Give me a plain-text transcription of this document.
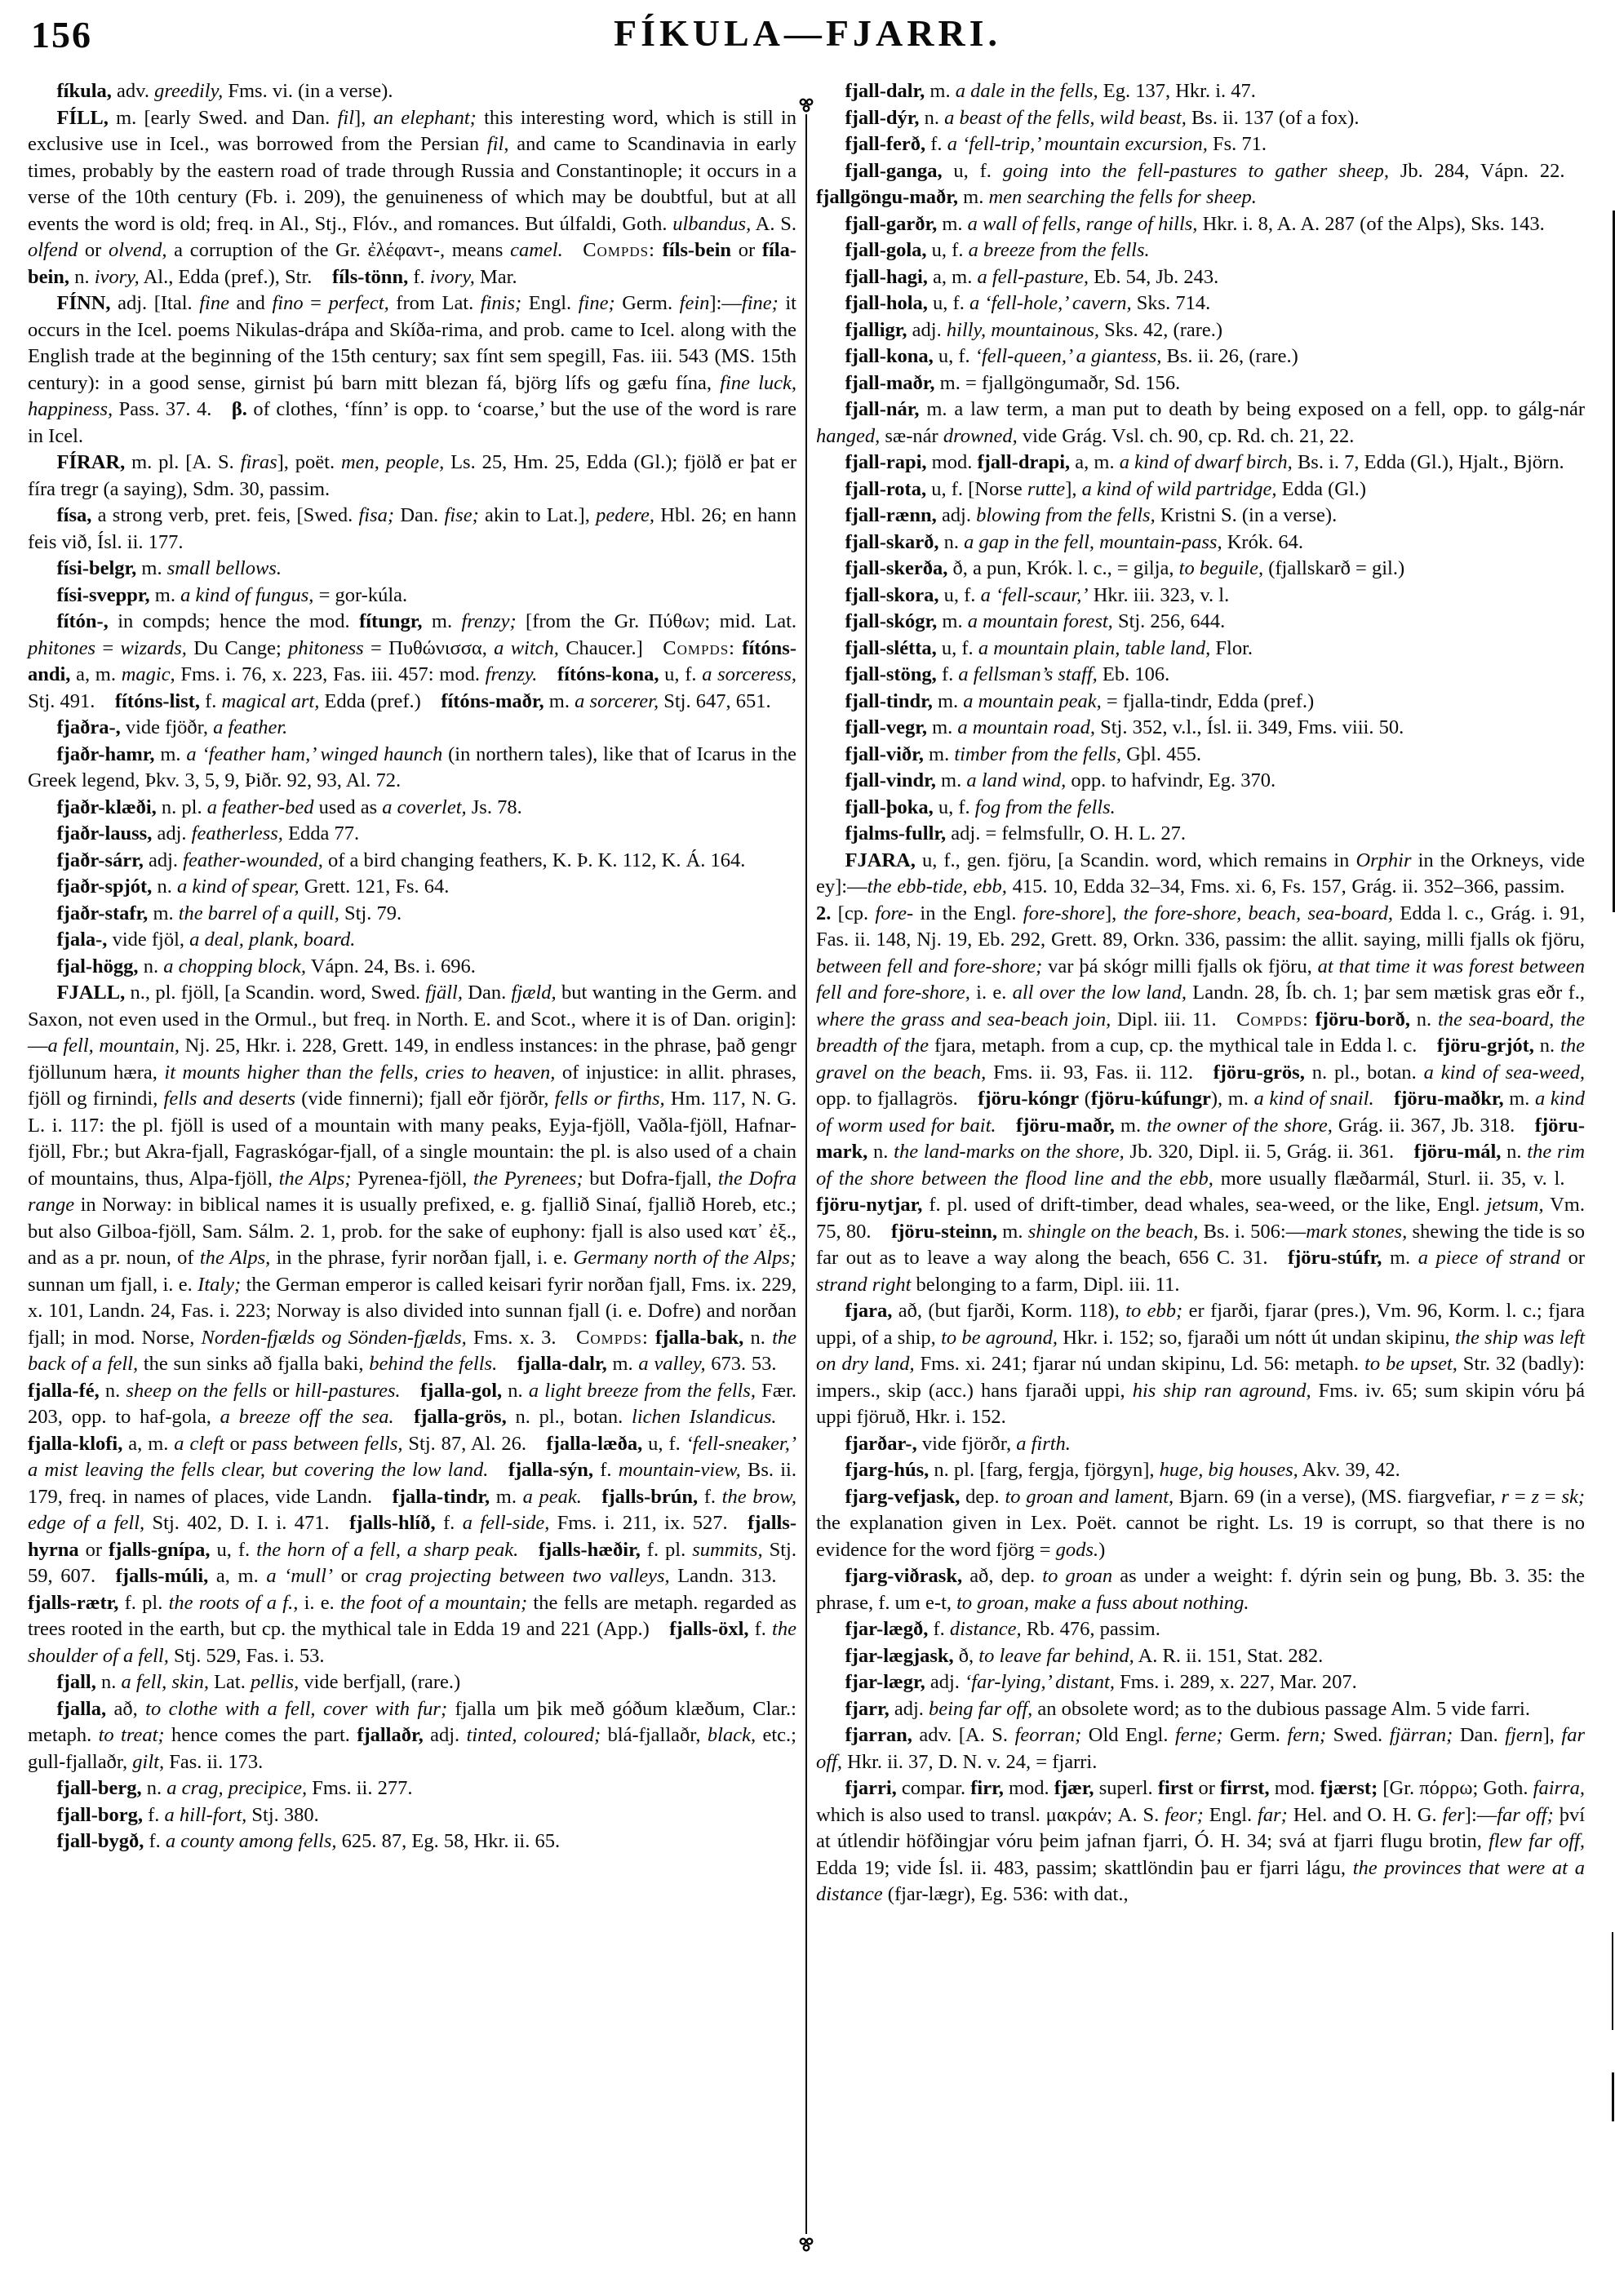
156	FÍKULA—FJARRI.

fíkula, adv. greedily, Fms. vi. (in a verse).

FÍLL, m. [early Swed. and Dan. fil], an elephant; this interesting word, which is still in exclusive use in Icel., was borrowed from the Persian fil, and came to Scandinavia in early times, probably by the eastern road of trade through Russia and Constantinople; it occurs in a verse of the 10th century (Fb. i. 209), the genuineness of which may be doubtful, but at all events the word is old; freq. in Al., Stj., Flóv., and romances. But úlfaldi, Goth. ulbandus, A. S. olfend or olvend, a corruption of the Gr. ἐλέφαντ-, means camel.  Compds: fíls-bein or fíla-bein, n. ivory, Al., Edda (pref.), Str. fíls-tönn, f. ivory, Mar.

FÍNN, adj. [Ital. fine and fino = perfect, from Lat. finis; Engl. fine; Germ. fein]:—fine; it occurs in the Icel. poems Nikulas-drápa and Skíða-rima, and prob. came to Icel. along with the English trade at the beginning of the 15th century; sax fínt sem spegill, Fas. iii. 543 (MS. 15th century): in a good sense, girnist þú barn mitt blezan fá, björg lífs og gæfu fína, fine luck, happiness, Pass. 37. 4. β. of clothes, ‘fínn’ is opp. to ‘coarse,’ but the use of the word is rare in Icel.

FÍRAR, m. pl. [A. S. firas], poët. men, people, Ls. 25, Hm. 25, Edda (Gl.); fjölð er þat er fíra tregr (a saying), Sdm. 30, passim.

físa, a strong verb, pret. feis, [Swed. fisa; Dan. fise; akin to Lat.], pedere, Hbl. 26; en hann feis við, Ísl. ii. 177.

físi-belgr, m. small bellows.

físi-sveppr, m. a kind of fungus, = gor-kúla.

fítón-, in compds; hence the mod. fítungr, m. frenzy; [from the Gr. Πύθων; mid. Lat. phitones = wizards, Du Cange; phitoness = Πυθώνισσα, a witch, Chaucer.] Compds: fítóns-andi, a, m. magic, Fms. i. 76, x. 223, Fas. iii. 457: mod. frenzy.  fítóns-kona, u, f. a sorceress, Stj. 491. fítóns-list, f. magical art, Edda (pref.) fítóns-maðr, m. a sorcerer, Stj. 647, 651.

fjaðra-, vide fjöðr, a feather.

fjaðr-hamr, m. a ‘feather ham,’ winged haunch (in northern tales), like that of Icarus in the Greek legend, Þkv. 3, 5, 9, Þiðr. 92, 93, Al. 72.

fjaðr-klæði, n. pl. a feather-bed used as a coverlet, Js. 78.

fjaðr-lauss, adj. featherless, Edda 77.

fjaðr-sárr, adj. feather-wounded, of a bird changing feathers, K. Þ. K. 112, K. Á. 164.

fjaðr-spjót, n. a kind of spear, Grett. 121, Fs. 64.

fjaðr-stafr, m. the barrel of a quill, Stj. 79.

fjala-, vide fjöl, a deal, plank, board.

fjal-högg, n. a chopping block, Vápn. 24, Bs. i. 696.

FJALL, n., pl. fjöll, [a Scandin. word, Swed. fjäll, Dan. fjæld, but wanting in the Germ. and Saxon, not even used in the Ormul., but freq. in North. E. and Scot., where it is of Dan. origin]:—a fell, mountain, Nj. 25, Hkr. i. 228, Grett. 149, in endless instances: in the phrase, það gengr fjöllunum hæra, it mounts higher than the fells, cries to heaven, of injustice: in allit. phrases, fjöll og firnindi, fells and deserts (vide finnerni); fjall eðr fjörðr, fells or firths, Hm. 117, N. G. L. i. 117: the pl. fjöll is used of a mountain with many peaks, Eyja-fjöll, Vaðla-fjöll, Hafnar-fjöll, Fbr.; but Akra-fjall, Fagraskógar-fjall, of a single mountain: the pl. is also used of a chain of mountains, thus, Alpa-fjöll, the Alps; Pyrenea-fjöll, the Pyrenees; but Dofra-fjall, the Dofra range in Norway: in biblical names it is usually prefixed, e. g. fjallið Sinaí, fjallið Horeb, etc.; but also Gilboa-fjöll, Sam. Sálm. 2. 1, prob. for the sake of euphony: fjall is also used κατ᾽ ἐξ., and as a pr. noun, of the Alps, in the phrase, fyrir norðan fjall, i. e. Germany north of the Alps; sunnan um fjall, i. e. Italy; the German emperor is called keisari fyrir norðan fjall, Fms. ix. 229, x. 101, Landn. 24, Fas. i. 223; Norway is also divided into sunnan fjall (i. e. Dofre) and norðan fjall; in mod. Norse, Norden-fjælds og Sönden-fjælds, Fms. x. 3. Compds: fjalla-bak, n. the back of a fell, the sun sinks að fjalla baki, behind the fells.  fjalla-dalr, m. a valley, 673. 53. fjalla-fé, n. sheep on the fells or hill-pastures.  fjalla-gol, n. a light breeze from the fells, Fær. 203, opp. to haf-gola, a breeze off the sea.  fjalla-grös, n. pl., botan. lichen Islandicus. fjalla-klofi, a, m. a cleft or pass between fells, Stj. 87, Al. 26. fjalla-læða, u, f. ‘fell-sneaker,’ a mist leaving the fells clear, but covering the low land.  fjalla-sýn, f. mountain-view, Bs. ii. 179, freq. in names of places, vide Landn. fjalla-tindr, m. a peak.  fjalls-brún, f. the brow, edge of a fell, Stj. 402, D. I. i. 471. fjalls-hlíð, f. a fell-side, Fms. i. 211, ix. 527. fjalls-hyrna or fjalls-gnípa, u, f. the horn of a fell, a sharp peak.  fjalls-hæðir, f. pl. summits, Stj. 59, 607. fjalls-múli, a, m. a ‘mull’ or crag projecting between two valleys, Landn. 313. fjalls-rætr, f. pl. the roots of a f., i. e. the foot of a mountain; the fells are metaph. regarded as trees rooted in the earth, but cp. the mythical tale in Edda 19 and 221 (App.) fjalls-öxl, f. the shoulder of a fell, Stj. 529, Fas. i. 53.

fjall, n. a fell, skin, Lat. pellis, vide berfjall, (rare.)

fjalla, að, to clothe with a fell, cover with fur; fjalla um þik með góðum klæðum, Clar.: metaph. to treat; hence comes the part. fjallaðr, adj. tinted, coloured; blá-fjallaðr, black, etc.; gull-fjallaðr, gilt, Fas. ii. 173.

fjall-berg, n. a crag, precipice, Fms. ii. 277.

fjall-borg, f. a hill-fort, Stj. 380.

fjall-bygð, f. a county among fells, 625. 87, Eg. 58, Hkr. ii. 65.

fjall-dalr, m. a dale in the fells, Eg. 137, Hkr. i. 47.

fjall-dýr, n. a beast of the fells, wild beast, Bs. ii. 137 (of a fox).

fjall-ferð, f. a ‘fell-trip,’ mountain excursion, Fs. 71.

fjall-ganga, u, f. going into the fell-pastures to gather sheep, Jb. 284, Vápn. 22. fjallgöngu-maðr, m. men searching the fells for sheep.

fjall-garðr, m. a wall of fells, range of hills, Hkr. i. 8, A. A. 287 (of the Alps), Sks. 143.

fjall-gola, u, f. a breeze from the fells.

fjall-hagi, a, m. a fell-pasture, Eb. 54, Jb. 243.

fjall-hola, u, f. a ‘fell-hole,’ cavern, Sks. 714.

fjalligr, adj. hilly, mountainous, Sks. 42, (rare.)

fjall-kona, u, f. ‘fell-queen,’ a giantess, Bs. ii. 26, (rare.)

fjall-maðr, m. = fjallgöngumaðr, Sd. 156.

fjall-nár, m. a law term, a man put to death by being exposed on a fell, opp. to gálg-nár hanged, sæ-nár drowned, vide Grág. Vsl. ch. 90, cp. Rd. ch. 21, 22.

fjall-rapi, mod. fjall-drapi, a, m. a kind of dwarf birch, Bs. i. 7, Edda (Gl.), Hjalt., Björn.

fjall-rota, u, f. [Norse rutte], a kind of wild partridge, Edda (Gl.)

fjall-rænn, adj. blowing from the fells, Kristni S. (in a verse).

fjall-skarð, n. a gap in the fell, mountain-pass, Krók. 64.

fjall-skerða, ð, a pun, Krók. l. c., = gilja, to beguile, (fjallskarð = gil.)

fjall-skora, u, f. a ‘fell-scaur,’ Hkr. iii. 323, v. l.

fjall-skógr, m. a mountain forest, Stj. 256, 644.

fjall-slétta, u, f. a mountain plain, table land, Flor.

fjall-stöng, f. a fellsman’s staff, Eb. 106.

fjall-tindr, m. a mountain peak, = fjalla-tindr, Edda (pref.)

fjall-vegr, m. a mountain road, Stj. 352, v.l., Ísl. ii. 349, Fms. viii. 50.

fjall-viðr, m. timber from the fells, Gþl. 455.

fjall-vindr, m. a land wind, opp. to hafvindr, Eg. 370.

fjall-þoka, u, f. fog from the fells.

fjalms-fullr, adj. = felmsfullr, O. H. L. 27.

FJARA, u, f., gen. fjöru, [a Scandin. word, which remains in Orphir in the Orkneys, vide ey]:—the ebb-tide, ebb, 415. 10, Edda 32–34, Fms. xi. 6, Fs. 157, Grág. ii. 352–366, passim. 2. [cp. fore- in the Engl. fore-shore], the fore-shore, beach, sea-board, Edda l. c., Grág. i. 91, Fas. ii. 148, Nj. 19, Eb. 292, Grett. 89, Orkn. 336, passim: the allit. saying, milli fjalls ok fjöru, between fell and fore-shore; var þá skógr milli fjalls ok fjöru, at that time it was forest between fell and fore-shore, i. e. all over the low land, Landn. 28, Íb. ch. 1; þar sem mætisk gras eðr f., where the grass and sea-beach join, Dipl. iii. 11. Compds: fjöru-borð, n. the sea-board, the breadth of the fjara, metaph. from a cup, cp. the mythical tale in Edda l. c. fjöru-grjót, n. the gravel on the beach, Fms. ii. 93, Fas. ii. 112. fjöru-grös, n. pl., botan. a kind of sea-weed, opp. to fjallagrös. fjöru-kóngr (fjöru-kúfungr), m. a kind of snail.  fjöru-maðkr, m. a kind of worm used for bait.  fjöru-maðr, m. the owner of the shore, Grág. ii. 367, Jb. 318. fjöru-mark, n. the land-marks on the shore, Jb. 320, Dipl. ii. 5, Grág. ii. 361. fjöru-mál, n. the rim of the shore between the flood line and the ebb, more usually flæðarmál, Sturl. ii. 35, v. l. fjöru-nytjar, f. pl. used of drift-timber, dead whales, sea-weed, or the like, Engl. jetsum, Vm. 75, 80. fjöru-steinn, m. shingle on the beach, Bs. i. 506:—mark stones, shewing the tide is so far out as to leave a way along the beach, 656 C. 31. fjöru-stúfr, m. a piece of strand or strand right belonging to a farm, Dipl. iii. 11.

fjara, að, (but fjarði, Korm. 118), to ebb; er fjarði, fjarar (pres.), Vm. 96, Korm. l. c.; fjara uppi, of a ship, to be aground, Hkr. i. 152; so, fjaraði um nótt út undan skipinu, the ship was left on dry land, Fms. xi. 241; fjarar nú undan skipinu, Ld. 56: metaph. to be upset, Str. 32 (badly): impers., skip (acc.) hans fjaraði uppi, his ship ran aground, Fms. iv. 65; sum skipin vóru þá uppi fjöruð, Hkr. i. 152.

fjarðar-, vide fjörðr, a firth.

fjarg-hús, n. pl. [farg, fergja, fjörgyn], huge, big houses, Akv. 39, 42.

fjarg-vefjask, dep. to groan and lament, Bjarn. 69 (in a verse), (MS. fiargvefiar, r = z = sk; the explanation given in Lex. Poët. cannot be right. Ls. 19 is corrupt, so that there is no evidence for the word fjörg = gods.)

fjarg-viðrask, að, dep. to groan as under a weight: f. dýrin sein og þung, Bb. 3. 35: the phrase, f. um e-t, to groan, make a fuss about nothing.

fjar-lægð, f. distance, Rb. 476, passim.

fjar-lægjask, ð, to leave far behind, A. R. ii. 151, Stat. 282.

fjar-lægr, adj. ‘far-lying,’ distant, Fms. i. 289, x. 227, Mar. 207.

fjarr, adj. being far off, an obsolete word; as to the dubious passage Alm. 5 vide farri.

fjarran, adv. [A. S. feorran; Old Engl. ferne; Germ. fern; Swed. fjärran; Dan. fjern], far off, Hkr. ii. 37, D. N. v. 24, = fjarri.

fjarri, compar. firr, mod. fjær, superl. first or firrst, mod. fjærst; [Gr. πόρρω; Goth. fairra, which is also used to transl. μακράν; A. S. feor; Engl. far; Hel. and O. H. G. fer]:—far off; því at útlendir höfðingjar vóru þeim jafnan fjarri, Ó. H. 34; svá at fjarri flugu brotin, flew far off, Edda 19; vide Ísl. ii. 483, passim; skattlöndin þau er fjarri lágu, the provinces that were at a distance (fjar-lægr), Eg. 536: with dat.,
